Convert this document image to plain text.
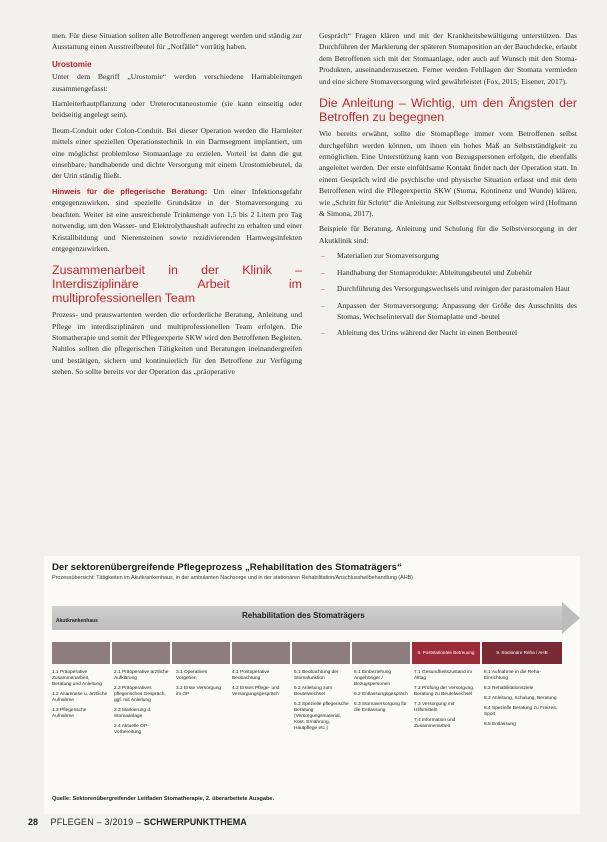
men. Für diese Situation sollten alle Betroffenen angeregt werden und ständig zur Ausstattung einen Ausstreifbeutel für „Notfälle“ vorrätig haben.

Urostomie

Unter dem Begriff „Urostomie“ werden verschiedene Harnableitungen zusammengefasst:

Harnleiterhautpflanzung oder Ureterocutaneostomie (sie kann einseitig oder beidseitig angelegt sein).

Ileum-Conduit oder Colon-Conduit. Bei dieser Operation werden die Harnleiter mittels einer speziellen Operationstechnik in ein Darmsegment implantiert, um eine möglichst problemlose Stomaanlage zu erzielen. Vorteil ist dann die gut einsehbare, handhabende und dichte Versorgung mit einem Urostomiebeutel, da der Urin ständig fließt.

Hinweis für die pflegerische Beratung: Um einer Infektionsgefahr entgegenzuwirken, sind spezielle Grundsätze in der Stomaversorgung zu beachten. Weiter ist eine ausreichende Trinkmenge von 1,5 bis 2 Litern pro Tag notwendig, um den Wasser- und Elektrolythaushalt aufrecht zu erhalten und einer Kristallbildung und Nierensteinen sowie rezidivierenden Harnwegsinfekten entgegenzuwirken.

Zusammenarbeit in der Klinik – Interdisziplinäre Arbeit im multiprofessionellen Team

Prozess- und prauswartenten werden die erforderliche Beratung, Anleitung und Pflege im interdisziplinären und multiprofessionellen Team erfolgen. Die Stomatherapie und somit der Pflegeexperte SKW wird den Betroffenen Begleiten. Nahtlos sollten die pflegerischen Tätigkeiten und Beratungen ineinandergreifen und bestätigen, sichern und kontinuierlich für den Betroffene zur Verfügung stehen. So sollte bereits vor der Operation das „präoperative

Gespräch“ Fragen klären und mit der Krankheitsbewältigung unterstützen. Das Durchführen der Markierung der späteren Stomaposition an der Bauchdecke, erlaubt dem Betroffenen sich mit der Stomaanlage, oder auch auf Wunsch mit den Stoma-Produkten, auseinanderzusetzen. Ferner werden Fehllagen der Stomata vermieden und eine sichere Stomaversorgung wird gewährleistet (Fox, 2015; Eisener, 2017).

Die Anleitung – Wichtig, um den Ängsten der Betroffen zu begegnen

Wie bereits erwähnt, sollte die Stomapflege immer vom Betroffenen selbst durchgeführt werden können, um ihnen ein hohes Maß an Selbstständigkeit zu ermöglichen. Eine Unterstützung kann von Bezugspersonen erfolgen, die ebenfalls angeleitet werden. Der erste einfühlsame Kontakt findet nach der Operation statt. In einem Gespräch wird die psychische und physische Situation erfasst und mit dem Betroffenen wird die Pflegeexpertin SKW (Stoma, Kontinenz und Wunde) klären, wie „Schritt für Schritt“ die Anleitung zur Selbstversorgung erfolgen wird (Hofmann & Simona, 2017).

Beispiele für Beratung, Anleitung und Schulung für die Selbstversorgung in der Akutklinik sind:

– Materialien zur Stomaversorgung
– Handhabung der Stomaprodukte: Ableitungsbeutel und Zubehör
– Durchführung des Versorgungswechsels und reinigen der parastomalen Haut
– Anpassen der Stomaversorgung: Anpassung der Größe des Ausschnitts des Stomas, Wechselintervall der Stomaplatte und -beutel
– Ableitung des Urins während der Nacht in einen Bettbeutel
Der sektorenübergreifende Pflegeprozess „Rehabilitation des Stomaträgers“
Prozessübersicht: Tätigkeiten im Akutkrankenhaus, in der ambulanten Nachsorge und in der stationären Rehabilitation/Anschlussheilbehandlung (AHB)
Rehabilitation des Stomaträgers
Akutkrankenhaus
8. Poststationäre Betreuung	9. Stationäre Reha / AHB
1.1 Präoperative Zusammenarbeit, Beratung und Anleitung
1.2 Anamnese u. ärztliche Aufnahme
1.3 Pflegerische Aufnahme
2.1 Präoperative ärztliche Aufklärung
2.2 Präoperatives pflegerisches Gespräch, ggf. mit Anleitung
2.3 Markierung d. Stomaanlage
2.4 Aktuelle OP-Vorbereitung
3.1 Operatives Vorgehen
3.2 Erste Versorgung im OP
4.1 Postoperative Beobachtung
4.2 Erstes Pflege- und Versorgungsgespräch
5.1 Beobachtung der Stomafunktion
5.2 Anleitung zum Beutelwechsel
5.3 Spezielle pflegerische Beratung (Versorgungsmaterial, Kost, Ernährung, Hautpflege etc.)
6.1 Einbeziehung Angehöriger / Bezugspersonen
6.2 Entlassungsgespräch
6.3 Stomaversorgung für die Entlassung
7.1 Gesundheitszustand im Alltag
7.2 Prüfung der Versorgung, Beratung zu Beutelwechsel
7.3 Versorgung mit Hilfsmitteln
7.4 Information und Zusammenarbeit
8.1 Aufnahme in die Reha-Einrichtung
8.2 Rehabilitationsziele
8.3 Anleitung, Schulung, Beratung
8.4 Spezielle Beratung zu Freizeit, Sport
8.5 Entlassung
Quelle: Sektorenübergreifender Leitfaden Stomatherapie, 2. überarbeitete Ausgabe.
28 PFLEGEN – 3/2019 – SCHWERPUNKTTHEMA
